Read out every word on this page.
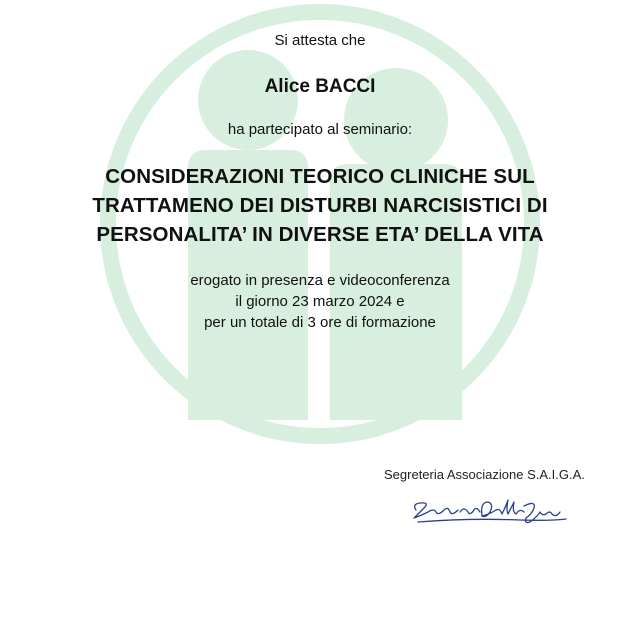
Si attesta che
Alice BACCI
ha partecipato al seminario:
CONSIDERAZIONI TEORICO CLINICHE SUL
TRATTAMENO DEI DISTURBI NARCISISTICI DI
PERSONALITA’ IN DIVERSE ETA’ DELLA VITA
erogato in presenza e videoconferenza
il giorno 23 marzo 2024 e
per un totale di 3 ore di formazione
Segreteria Associazione S.A.I.G.A.
